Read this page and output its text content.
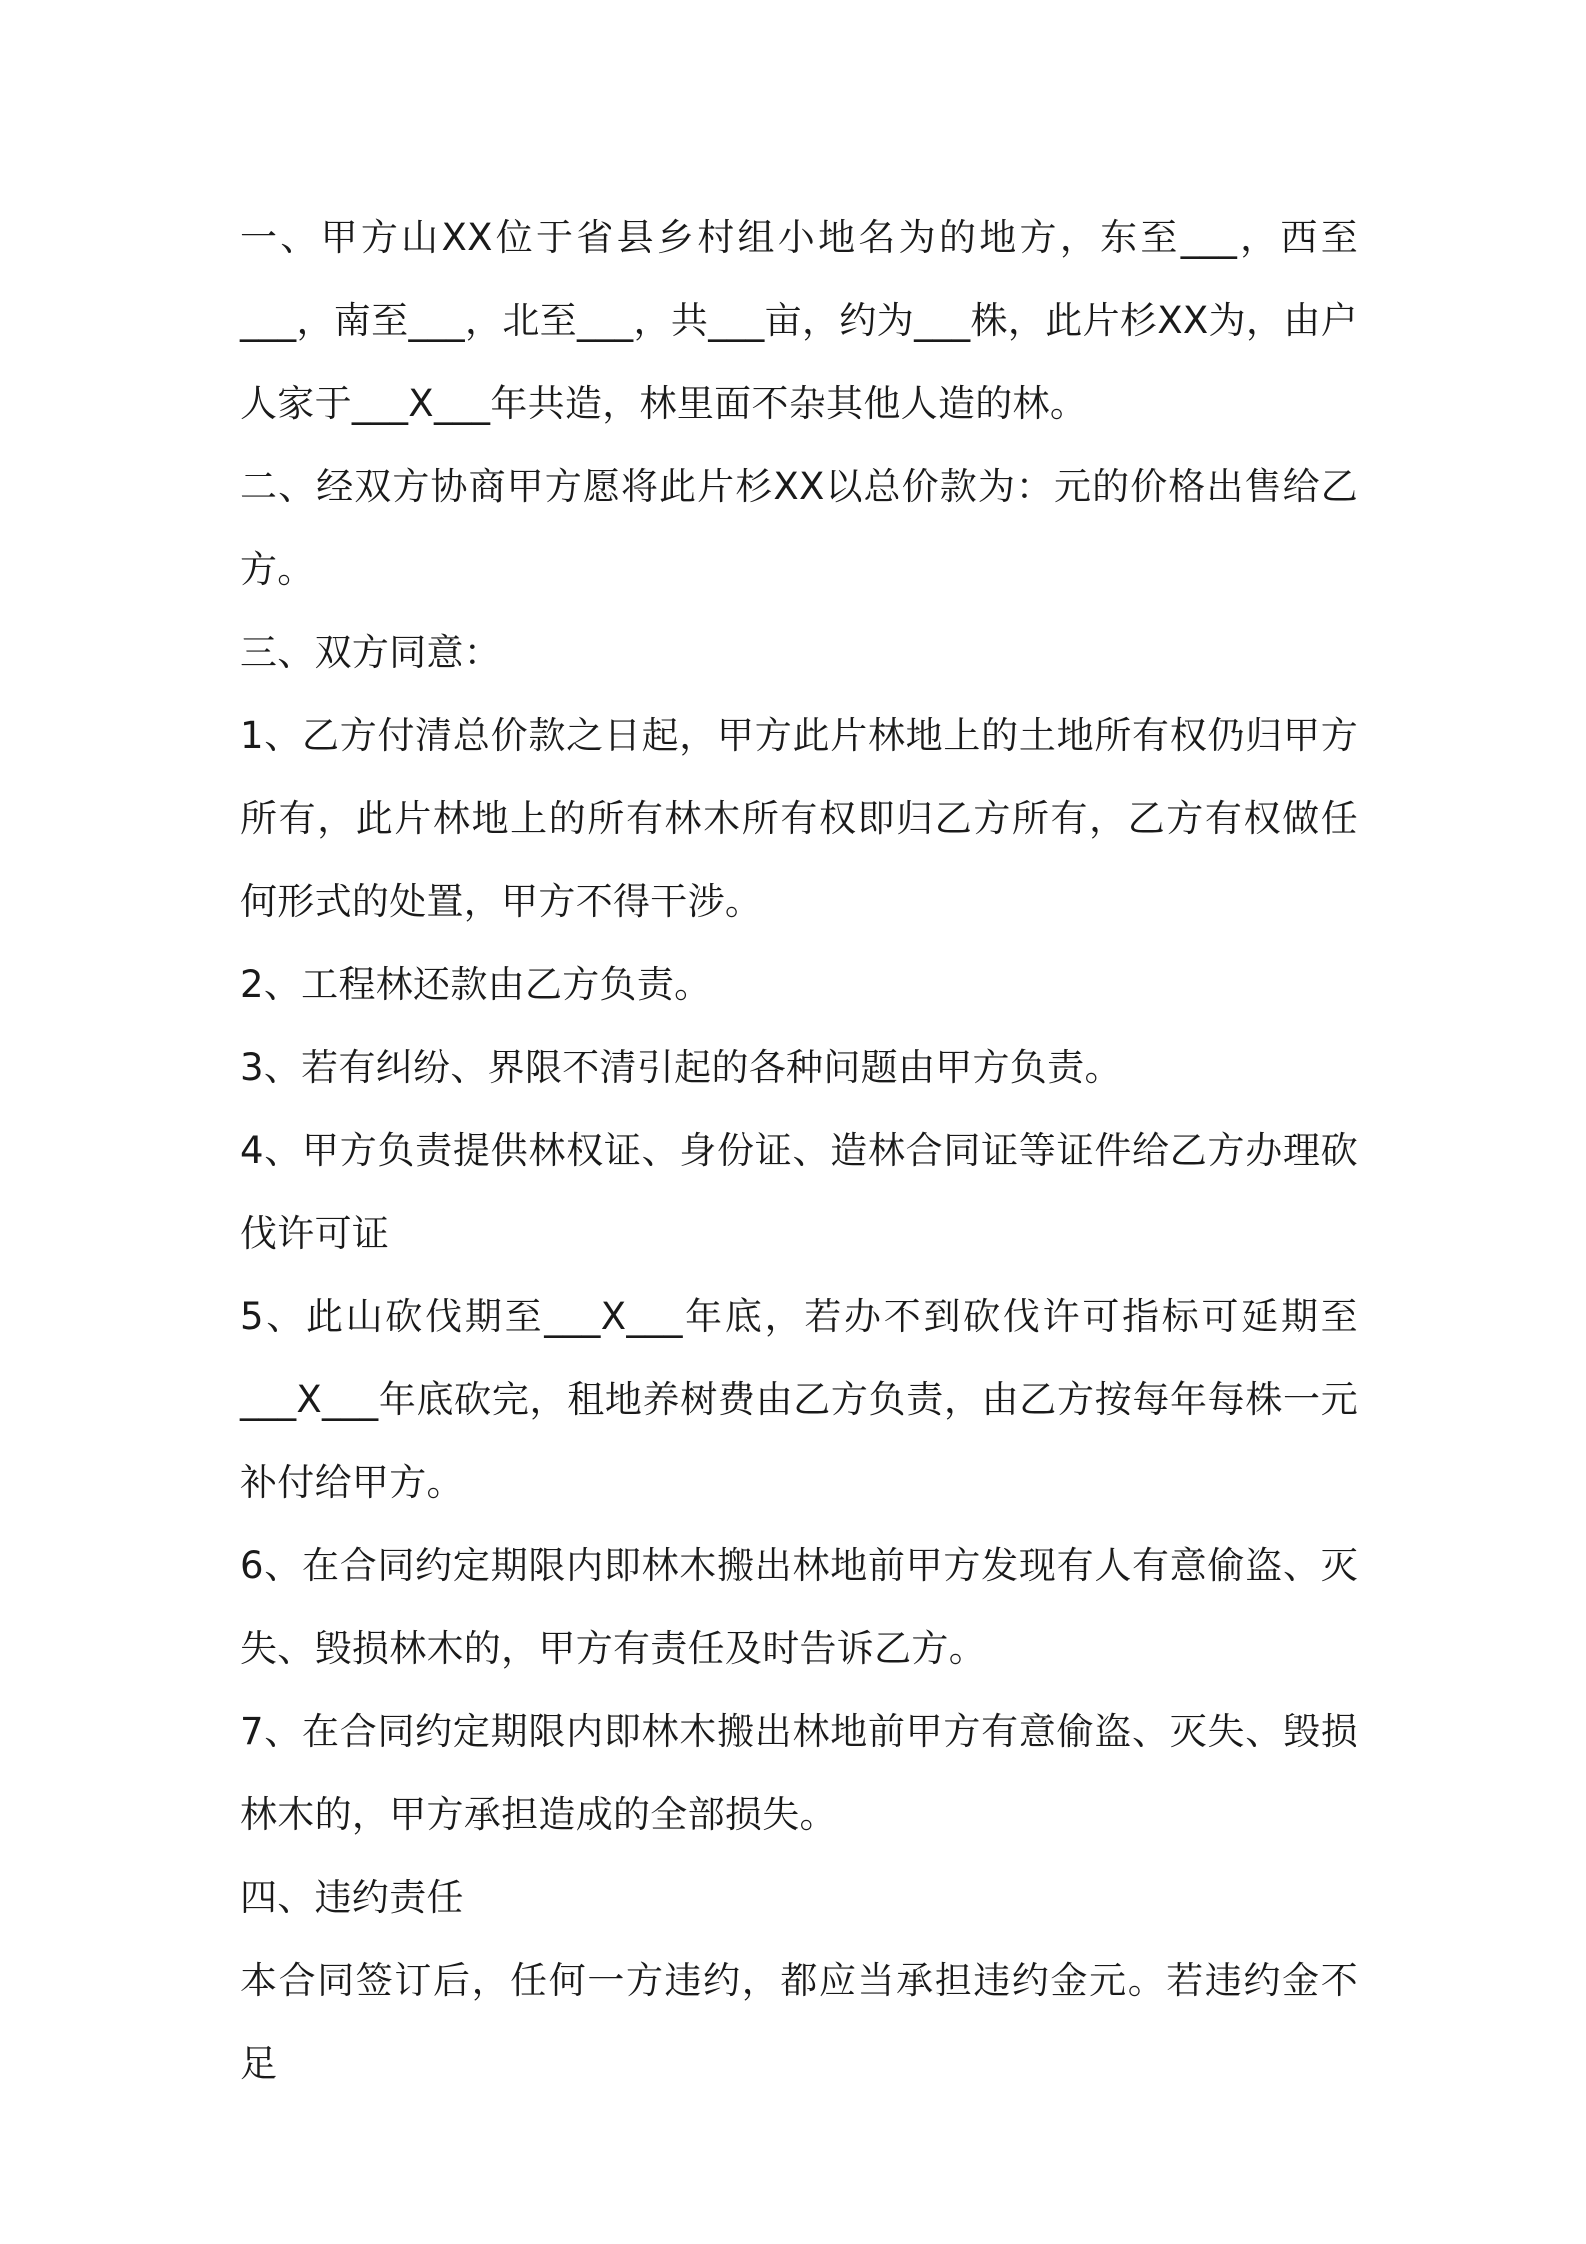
一、甲方山XX位于省县乡村组小地名为的地方，东至___，西至___，南至___，北至___，共___亩，约为___株，此片杉XX为，由户人家于___X___年共造，林里面不杂其他人造的林。

二、经双方协商甲方愿将此片杉XX以总价款为：元的价格出售给乙方。

三、双方同意：

1、乙方付清总价款之日起，甲方此片林地上的土地所有权仍归甲方所有，此片林地上的所有林木所有权即归乙方所有，乙方有权做任何形式的处置，甲方不得干涉。

2、工程林还款由乙方负责。

3、若有纠纷、界限不清引起的各种问题由甲方负责。

4、甲方负责提供林权证、身份证、造林合同证等证件给乙方办理砍伐许可证

5、此山砍伐期至___X___年底，若办不到砍伐许可指标可延期至___X___年底砍完，租地养树费由乙方负责，由乙方按每年每株一元补付给甲方。

6、在合同约定期限内即林木搬出林地前甲方发现有人有意偷盗、灭失、毁损林木的，甲方有责任及时告诉乙方。

7、在合同约定期限内即林木搬出林地前甲方有意偷盗、灭失、毁损林木的，甲方承担造成的全部损失。

四、违约责任

本合同签订后，任何一方违约，都应当承担违约金元。若违约金不足
